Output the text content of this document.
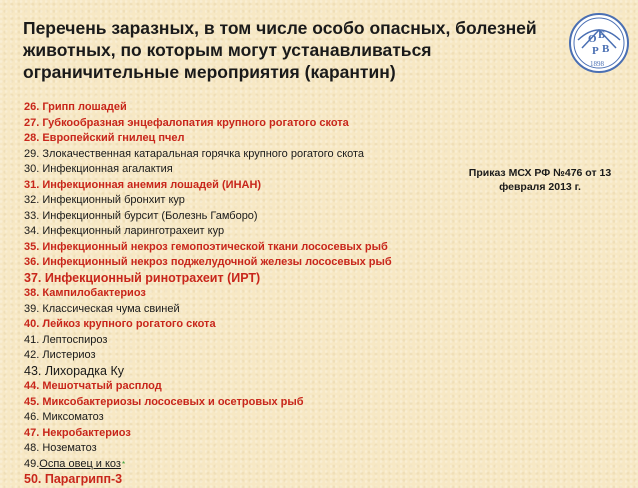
Перечень заразных, в том числе особо опасных, болезней животных, по которым могут устанавливаться ограничительные мероприятия (карантин)
О Б
Р В
1898
26. Грипп лошадей
27. Губкообразная энцефалопатия крупного рогатого скота
28. Европейский гнилец пчел
29. Злокачественная катаральная горячка крупного рогатого скота
30. Инфекционная агалактия
31. Инфекционная анемия лошадей (ИНАН)
32. Инфекционный бронхит кур
33. Инфекционный бурсит (Болезнь Гамборо)
34. Инфекционный ларинготрахеит кур
35. Инфекционный некроз гемопоэтической ткани лососевых рыб
36. Инфекционный некроз поджелудочной железы лососевых рыб
37. Инфекционный ринотрахеит (ИРТ)
38. Кампилобактериоз
39. Классическая чума свиней
40. Лейкоз крупного рогатого скота
41. Лептоспироз
42. Листериоз
43. Лихорадка Ку
44. Мешотчатый расплод
45. Миксобактериозы лососевых и осетровых рыб
46. Миксоматоз
47. Некробактериоз
48. Нозематоз
49. Оспа овец и коз *
50. Парагрипп-3
Приказ МСХ РФ №476 от 13 февраля 2013 г.
